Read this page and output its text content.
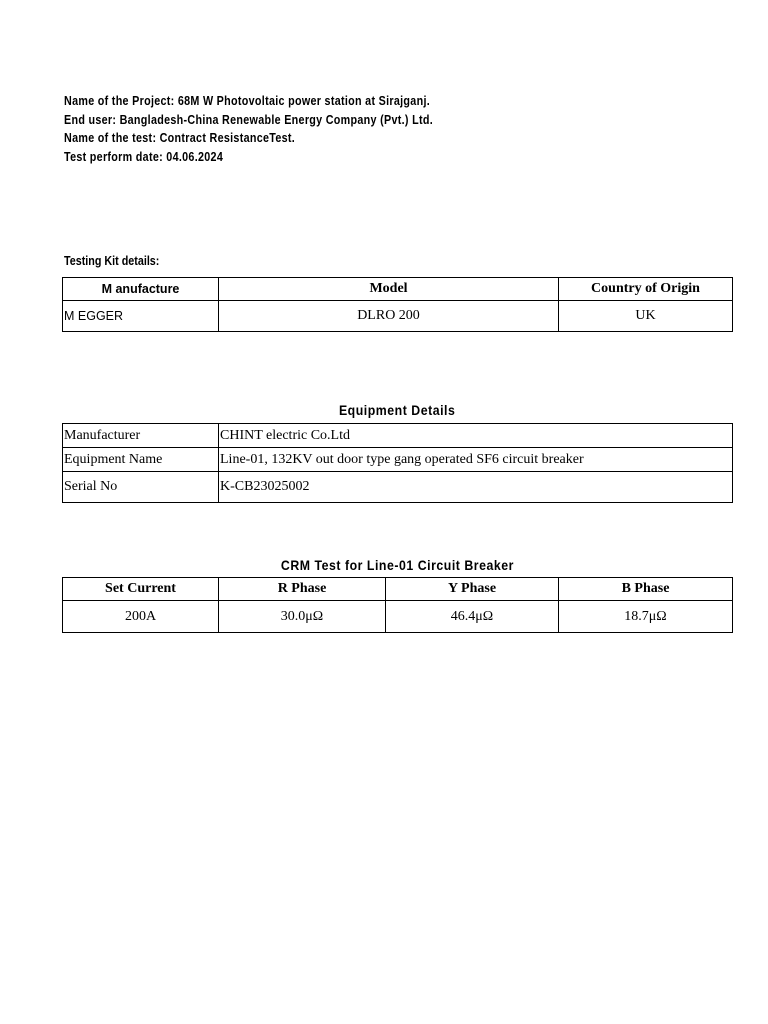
Name of the Project: 68M W Photovoltaic power station at Sirajganj.
End user: Bangladesh-China Renewable Energy Company (Pvt.) Ltd.
Name of the test: Contract ResistanceTest.
Test perform date: 04.06.2024
Testing Kit details:
M anufacture	Model	Country of Origin
M EGGER	DLRO 200	UK
Equipment Details
Manufacturer	CHINT electric Co.Ltd
Equipment Name	Line-01, 132KV out door type gang operated SF6 circuit breaker
Serial No	K-CB23025002
CRM Test for Line-01 Circuit Breaker
Set Current	R Phase	Y Phase	B Phase
200A	30.0μΩ	46.4μΩ	18.7μΩ
